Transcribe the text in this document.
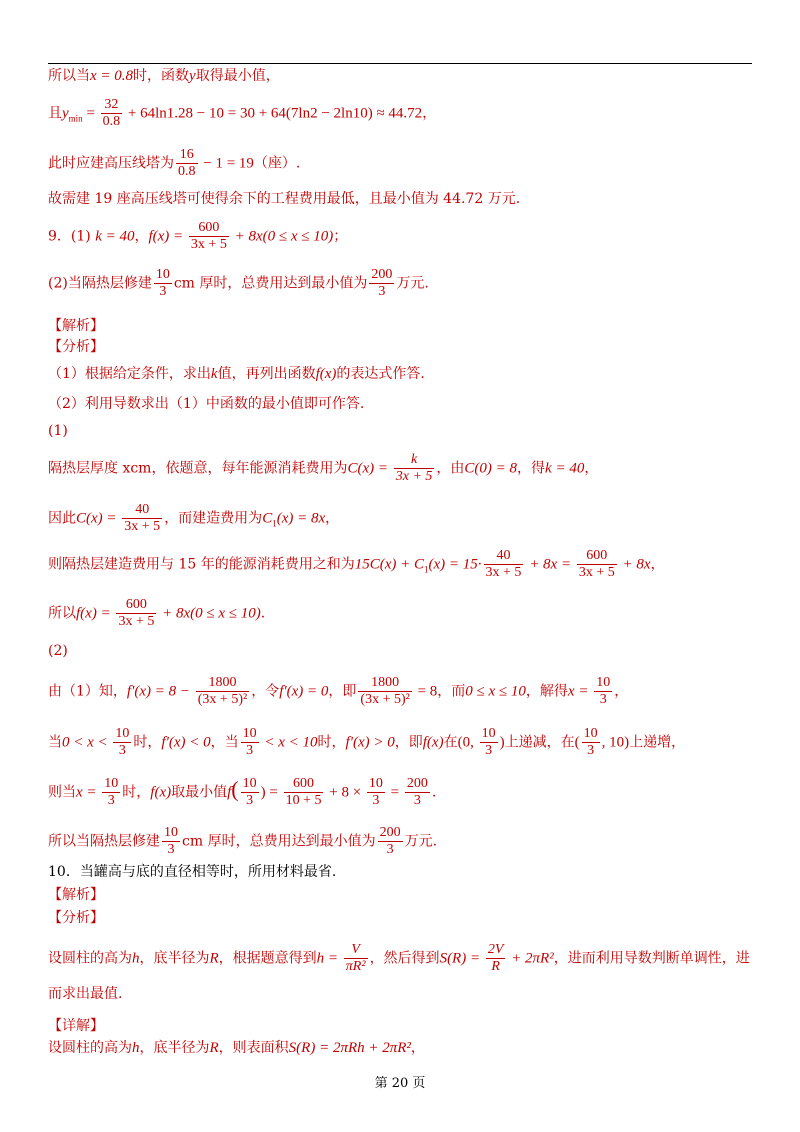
所以当x = 0.8时，函数y取得最小值，
且$y_{min} = \frac{32}{0.8} + 64\ln 1.28 - 10 = 30 + 64(7\ln 2 - 2\ln 10) \approx 44.72$，
此时应建高压线塔为 $\frac{16}{0.8} - 1 = 19$（座）.
故需建 19 座高压线塔可使得余下的工程费用最低，且最小值为 44.72 万元.
9．(1) k = 40，$f(x) = \frac{600}{3x + 5} + 8x(0 \le x \le 10)$；
(2)当隔热层修建 $\frac{10}{3}$ cm 厚时，总费用达到最小值为 $\frac{200}{3}$ 万元.
【解析】
【分析】
（1）根据给定条件，求出k值，再列出函数f(x)的表达式作答.
（2）利用导数求出（1）中函数的最小值即可作答.
(1)
隔热层厚度 xcm，依题意，每年能源消耗费用为$C(x) = \frac{k}{3x + 5}$ ，由C(0) = 8，得k = 40，
因此$C(x) = \frac{40}{3x + 5}$ ，而建造费用为$C_1(x) = 8x$，
则隔热层建造费用与 15 年的能源消耗费用之和为$15C(x) + C_1(x) = 15\cdot \frac{40}{3x + 5} + 8x = \frac{600}{3x + 5} + 8x$，
所以$f(x) = \frac{600}{3x + 5} + 8x(0 \le x \le 10)$.
(2)
由（1）知，$f'(x) = 8 - \frac{1800}{\text{(3x + 5)²}}$ ，令f′(x) = 0，即 $\frac{1800}{\text{(3x + 5)²}} = 8$，而0 ≤ x ≤ 10，解得$x = \frac{10}{3}$ ，
当$0 < x < \frac{10}{3}$ 时，f′(x) < 0，当 $\frac{10}{3} < x < 10$时，f′(x) > 0，即f(x)在(0, $\frac{10}{3}$ )上递减，在( $\frac{10}{3}$ , 10)上递增，
则当$x = \frac{10}{3}$ 时，f(x)取最小值$f( \frac{10}{3}$ ) = $\frac{600}{10 + 5} + 8 \times \frac{10}{3} = \frac{200}{3}$ .
所以当隔热层修建 $\frac{10}{3}$ cm 厚时，总费用达到最小值为 $\frac{200}{3}$ 万元.
10．当罐高与底的直径相等时，所用材料最省.
【解析】
【分析】
设圆柱的高为h，底半径为R，根据题意得到$h = \frac{V}{\text{πR²}}$ ，然后得到$S(R) = \frac{2V}{R} + 2\pi R^2$，进而利用导数判断单调性，进
而求出最值.
【详解】
设圆柱的高为h，底半径为R，则表面积S(R) = 2πRh + 2πR²，
第 20 页
